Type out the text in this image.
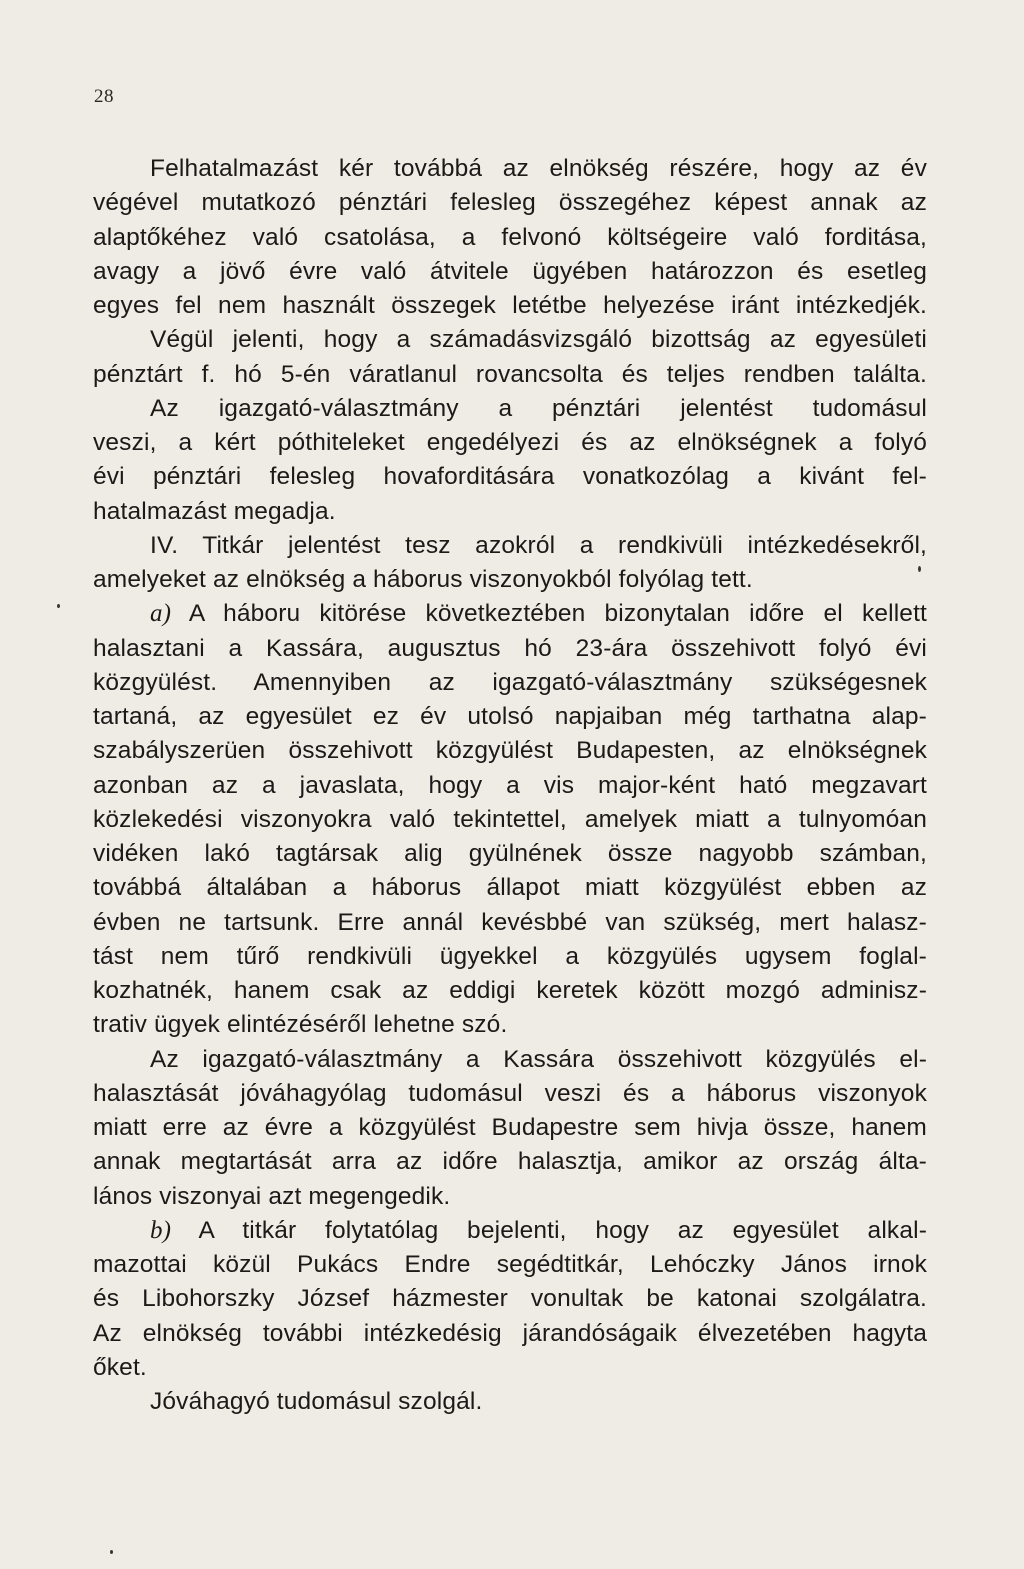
28
Felhatalmazást kér továbbá az elnökség részére, hogy az év
végével mutatkozó pénztári felesleg összegéhez képest annak az
alaptőkéhez való csatolása, a felvonó költségeire való forditása,
avagy a jövő évre való átvitele ügyében határozzon és esetleg
egyes fel nem használt összegek letétbe helyezése iránt intézkedjék.
Végül jelenti, hogy a számadásvizsgáló bizottság az egyesületi
pénztárt f. hó 5-én váratlanul rovancsolta és teljes rendben találta.
Az igazgató-választmány a pénztári jelentést tudomásul
veszi, a kért póthiteleket engedélyezi és az elnökségnek a folyó
évi pénztári felesleg hovaforditására vonatkozólag a kivánt fel-
hatalmazást megadja.
IV. Titkár jelentést tesz azokról a rendkivüli intézkedésekről,
amelyeket az elnökség a háborus viszonyokból folyólag tett.
a) A háboru kitörése következtében bizonytalan időre el kellett
halasztani a Kassára, augusztus hó 23-ára összehivott folyó évi
közgyülést. Amennyiben az igazgató-választmány szükségesnek
tartaná, az egyesület ez év utolsó napjaiban még tarthatna alap-
szabályszerüen összehivott közgyülést Budapesten, az elnökségnek
azonban az a javaslata, hogy a vis major-ként ható megzavart
közlekedési viszonyokra való tekintettel, amelyek miatt a tulnyomóan
vidéken lakó tagtársak alig gyülnének össze nagyobb számban,
továbbá általában a háborus állapot miatt közgyülést ebben az
évben ne tartsunk. Erre annál kevésbbé van szükség, mert halasz-
tást nem tűrő rendkivüli ügyekkel a közgyülés ugysem foglal-
kozhatnék, hanem csak az eddigi keretek között mozgó adminisz-
trativ ügyek elintézéséről lehetne szó.
Az igazgató-választmány a Kassára összehivott közgyülés el-
halasztását jóváhagyólag tudomásul veszi és a háborus viszonyok
miatt erre az évre a közgyülést Budapestre sem hivja össze, hanem
annak megtartását arra az időre halasztja, amikor az ország álta-
lános viszonyai azt megengedik.
b) A titkár folytatólag bejelenti, hogy az egyesület alkal-
mazottai közül Pukács Endre segédtitkár, Lehóczky János irnok
és Libohorszky József házmester vonultak be katonai szolgálatra.
Az elnökség további intézkedésig járandóságaik élvezetében hagyta
őket.
Jóváhagyó tudomásul szolgál.
